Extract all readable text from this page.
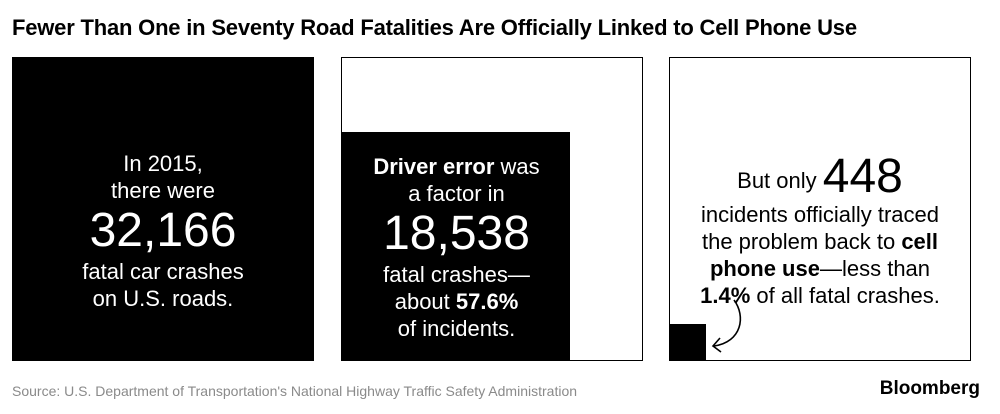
Fewer Than One in Seventy Road Fatalities Are Officially Linked to Cell Phone Use
In 2015,
there were
32,166
fatal car crashes
on U.S. roads.
Driver error was
a factor in
18,538
fatal crashes—
about 57.6%
of incidents.
But only 448
incidents officially traced
the problem back to cell
phone use—less than
1.4% of all fatal crashes.
Source: U.S. Department of Transportation's National Highway Traffic Safety Administration	Bloomberg
